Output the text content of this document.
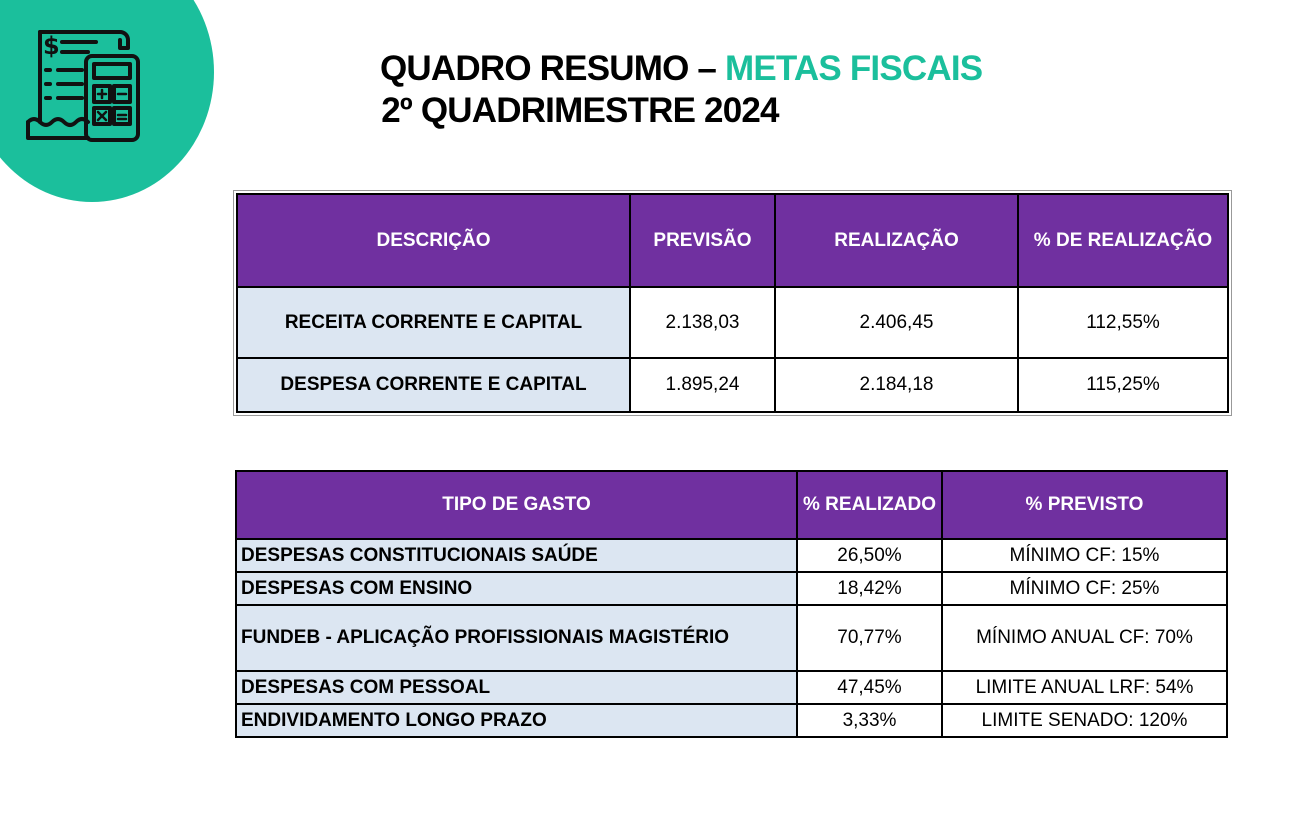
$
QUADRO RESUMO – METAS FISCAIS
2º QUADRIMESTRE 2024
DESCRIÇÃO	PREVISÃO	REALIZAÇÃO	% DE REALIZAÇÃO
RECEITA CORRENTE E CAPITAL	2.138,03	2.406,45	112,55%
DESPESA CORRENTE E CAPITAL	1.895,24	2.184,18	115,25%
TIPO DE GASTO	% REALIZADO	% PREVISTO
DESPESAS CONSTITUCIONAIS SAÚDE	26,50%	MÍNIMO CF: 15%
DESPESAS COM ENSINO	18,42%	MÍNIMO CF: 25%
FUNDEB - APLICAÇÃO PROFISSIONAIS MAGISTÉRIO	70,77%	MÍNIMO ANUAL CF: 70%
DESPESAS COM PESSOAL	47,45%	LIMITE ANUAL LRF: 54%
ENDIVIDAMENTO LONGO PRAZO	3,33%	LIMITE SENADO: 120%
